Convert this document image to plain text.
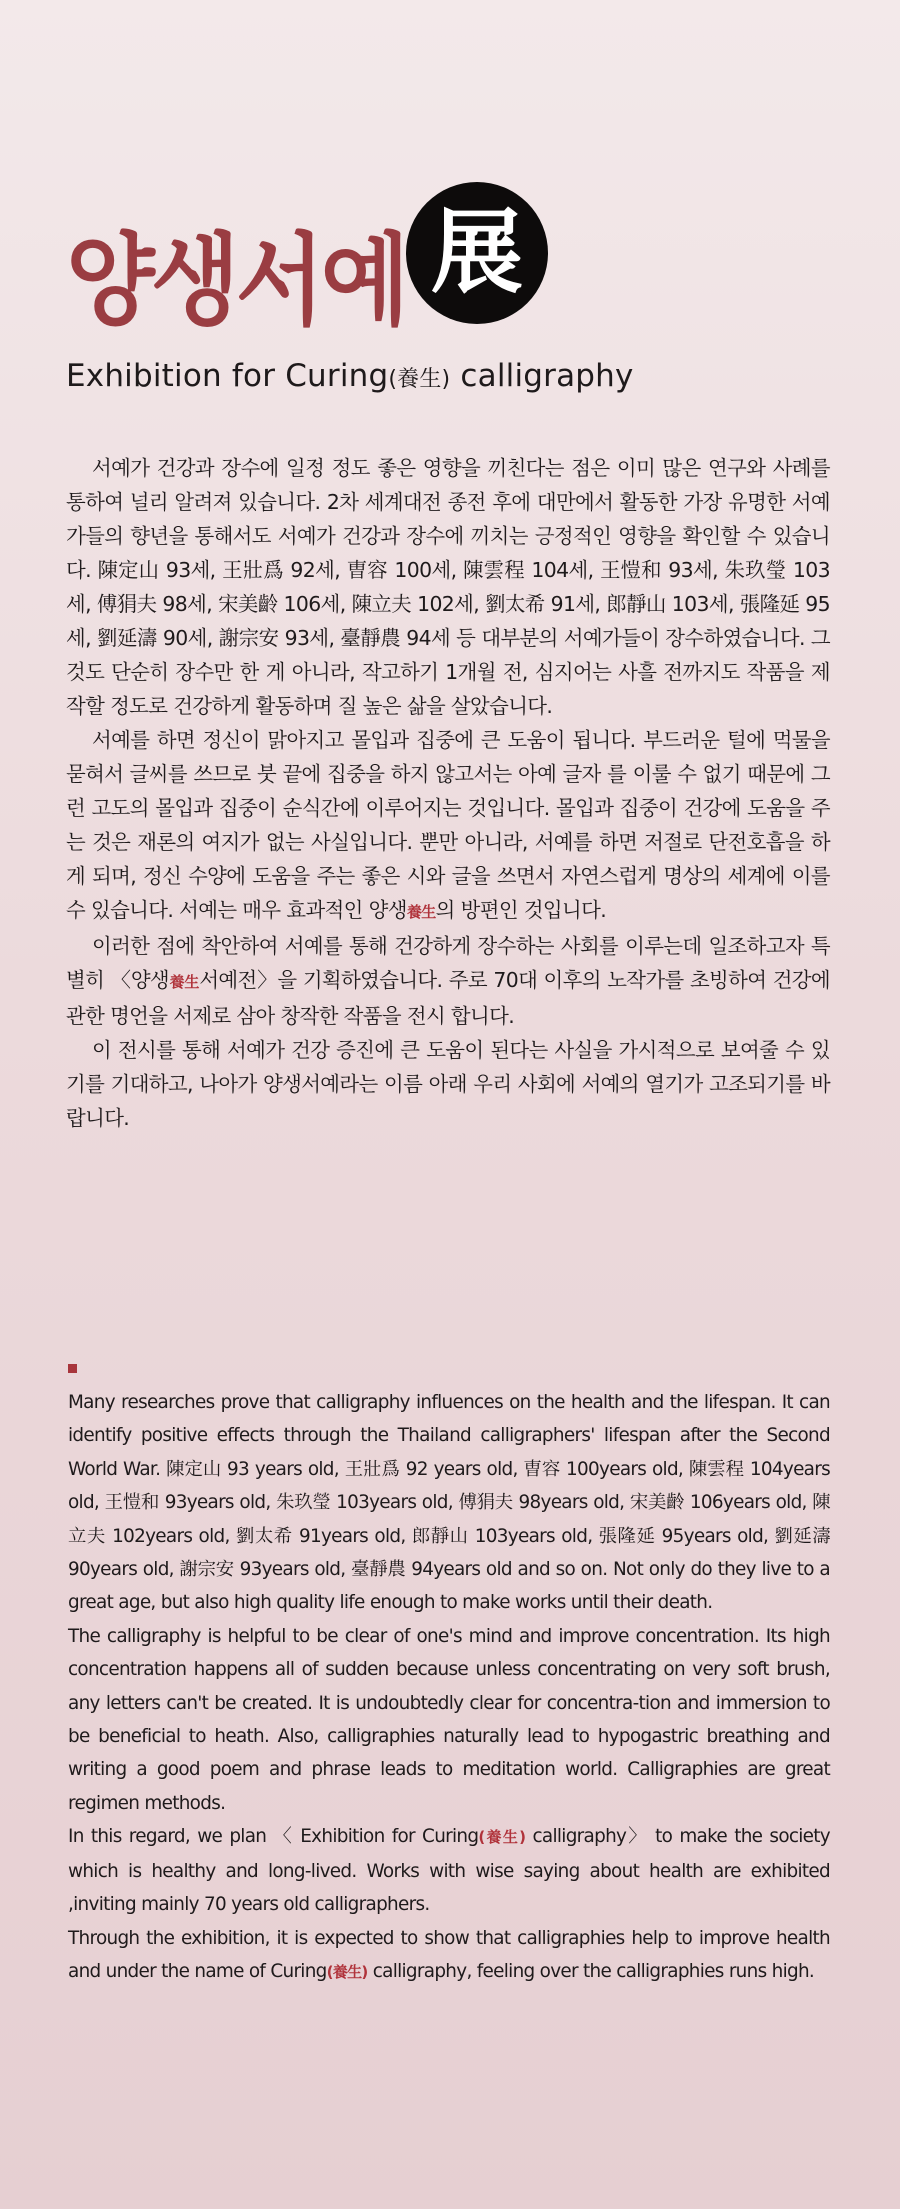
양생서예 展
Exhibition for Curing(養生) calligraphy

서예가 건강과 장수에 일정 정도 좋은 영향을 끼친다는 점은 이미 많은 연구와 사례를 통하여 널리 알려져 있습니다. 2차 세계대전 종전 후에 대만에서 활동한 가장 유명한 서예가들의 향년을 통해서도 서예가 건강과 장수에 끼치는 긍정적인 영향을 확인할 수 있습니다. 陳定山 93세, 王壯爲 92세, 曺容 100세, 陳雲程 104세, 王愷和 93세, 朱玖瑩 103세, 傅狷夫 98세, 宋美齡 106세, 陳立夫 102세, 劉太希 91세, 郎靜山 103세, 張隆延 95세, 劉延濤 90세, 謝宗安 93세, 臺靜農 94세 등 대부분의 서예가들이 장수하였습니다. 그것도 단순히 장수만 한 게 아니라, 작고하기 1개월 전, 심지어는 사흘 전까지도 작품을 제작할 정도로 건강하게 활동하며 질 높은 삶을 살았습니다.

서예를 하면 정신이 맑아지고 몰입과 집중에 큰 도움이 됩니다. 부드러운 털에 먹물을 묻혀서 글씨를 쓰므로 붓 끝에 집중을 하지 않고서는 아예 글자 를 이룰 수 없기 때문에 그런 고도의 몰입과 집중이 순식간에 이루어지는 것입니다. 몰입과 집중이 건강에 도움을 주는 것은 재론의 여지가 없는 사실입니다. 뿐만 아니라, 서예를 하면 저절로 단전호흡을 하게 되며, 정신 수양에 도움을 주는 좋은 시와 글을 쓰면서 자연스럽게 명상의 세계에 이를 수 있습니다. 서예는 매우 효과적인 양생養生의 방편인 것입니다.

이러한 점에 착안하여 서예를 통해 건강하게 장수하는 사회를 이루는데 일조하고자 특별히 〈양생養生서예전〉을 기획하였습니다. 주로 70대 이후의 노작가를 초빙하여 건강에 관한 명언을 서제로 삼아 창작한 작품을 전시 합니다.

이 전시를 통해 서예가 건강 증진에 큰 도움이 된다는 사실을 가시적으로 보여줄 수 있기를 기대하고, 나아가 양생서예라는 이름 아래 우리 사회에 서예의 열기가 고조되기를 바랍니다.

Many researches prove that calligraphy influences on the health and the lifespan. It can identify positive effects through the Thailand calligraphers' lifespan after the Second World War. 陳定山 93 years old, 王壯爲 92 years old, 曺容 100years old, 陳雲程 104years old, 王愷和 93years old, 朱玖瑩 103years old, 傅狷夫 98years old, 宋美齡 106years old, 陳立夫 102years old, 劉太希 91years old, 郎靜山 103years old, 張隆延 95years old, 劉延濤 90years old, 謝宗安 93years old, 臺靜農 94years old and so on. Not only do they live to a great age, but also high quality life enough to make works until their death.

The calligraphy is helpful to be clear of one's mind and improve concentration. Its high concentration happens all of sudden because unless concentrating on very soft brush, any letters can't be created. It is undoubtedly clear for concentra-tion and immersion to be beneficial to heath. Also, calligraphies naturally lead to hypogastric breathing and writing a good poem and phrase leads to meditation world. Calligraphies are great regimen methods.

In this regard, we plan 〈 Exhibition for Curing(養生) calligraphy〉 to make the society which is healthy and long-lived. Works with wise saying about health are exhibited ,inviting mainly 70 years old calligraphers.

Through the exhibition, it is expected to show that calligraphies help to improve health and under the name of Curing(養生) calligraphy, feeling over the calligraphies runs high.
